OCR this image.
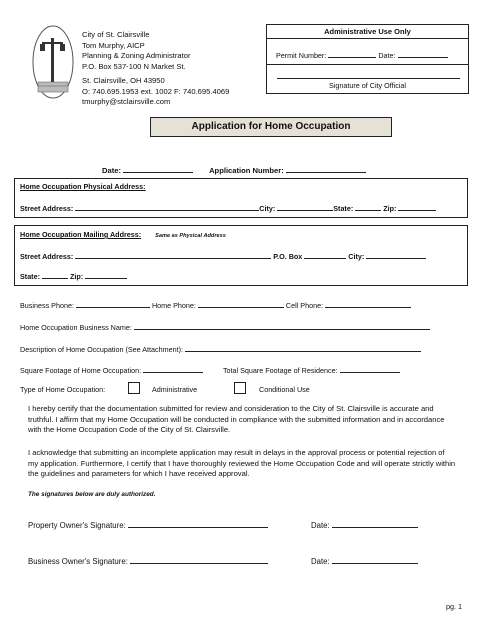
City of St. Clairsville
Tom Murphy, AICP
Planning & Zoning Administrator
P.O. Box 537-100 N Market St.
St. Clairsville, OH 43950
O: 740.695.1953 ext. 1002 F: 740.695.4069
tmurphy@stclairsville.com
Administrative Use Only
Permit Number:	Date:
Signature of City Official
Application for Home Occupation
Date:	Application Number:
Home Occupation Physical Address:
Street Address:	City:	State:	Zip:
Home Occupation Mailing Address:	Same as Physical Address
Street Address:	P.O. Box	City:
State:	Zip:
Business Phone:	Home Phone:	Cell Phone:
Home Occupation Business Name:
Description of Home Occupation (See Attachment):
Square Footage of Home Occupation:	Total Square Footage of Residence:
Type of Home Occupation:	Administrative	Conditional Use
I hereby certify that the documentation submitted for review and consideration to the City of St. Clairsville is accurate and truthful. I affirm that my Home Occupation will be conducted in compliance with the submitted information and in accordance with the Home Occupation Code of the City of St. Clairsville.
I acknowledge that submitting an incomplete application may result in delays in the approval process or potential rejection of my application. Furthermore, I certify that I have thoroughly reviewed the Home Occupation Code and will operate strictly within the guidelines and parameters for which I have received approval.
The signatures below are duly authorized.
Property Owner's Signature:	Date:
Business Owner's Signature:	Date:
pg. 1
